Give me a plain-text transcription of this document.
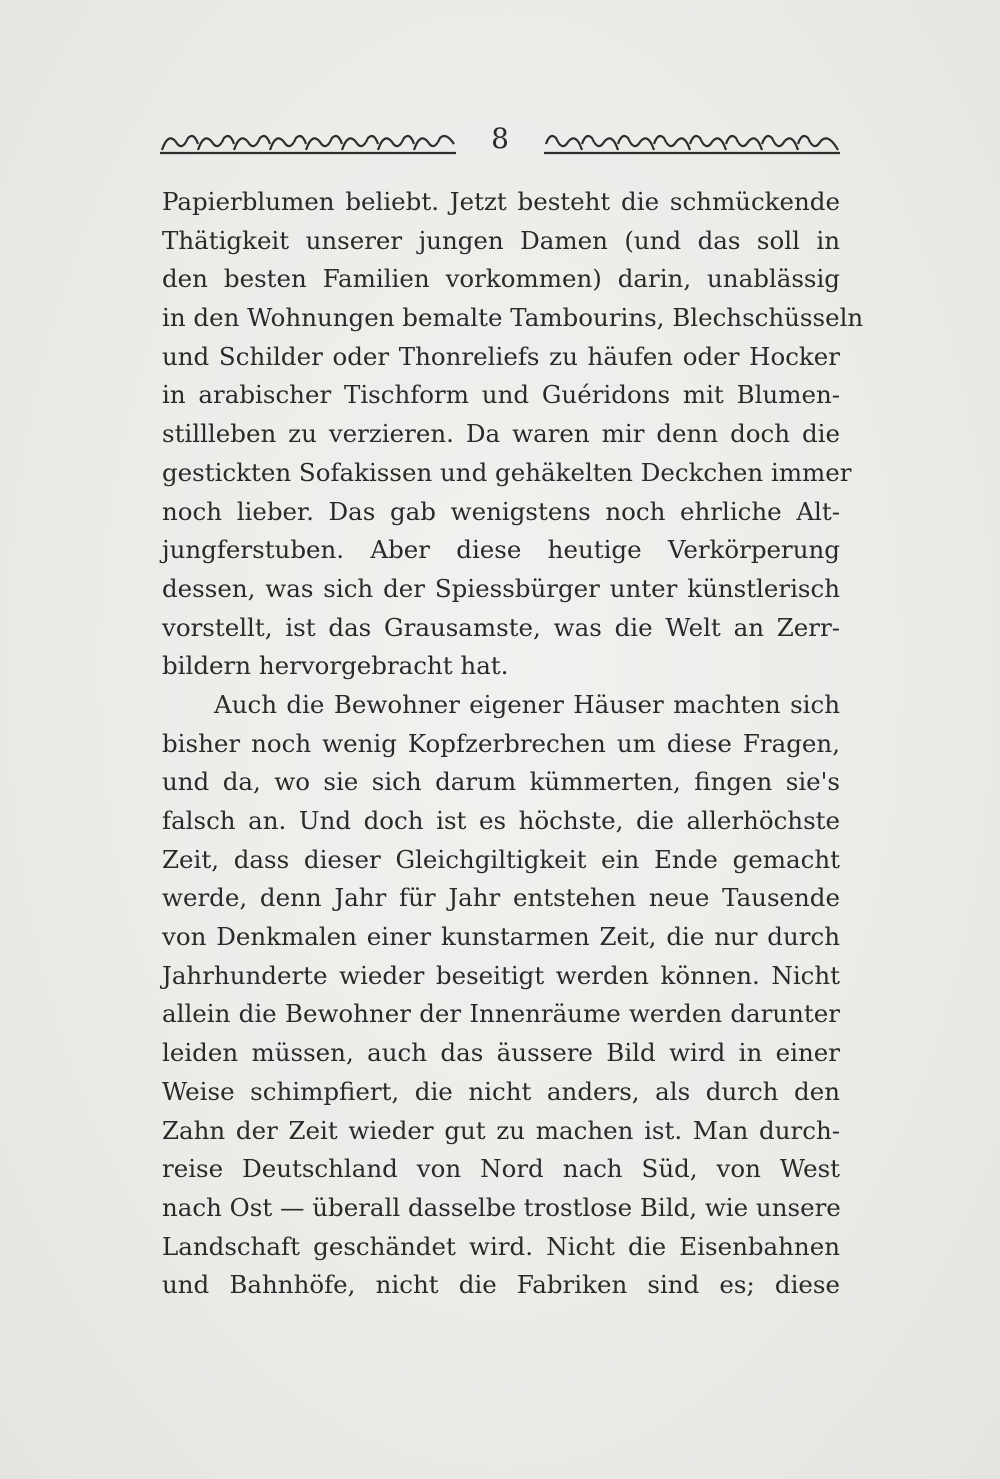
8
Papierblumen beliebt. Jetzt besteht die schmückende
Thätigkeit unserer jungen Damen (und das soll in
den besten Familien vorkommen) darin, unablässig
in den Wohnungen bemalte Tambourins, Blechschüsseln
und Schilder oder Thonreliefs zu häufen oder Hocker
in arabischer Tischform und Guéridons mit Blumen-
stillleben zu verzieren. Da waren mir denn doch die
gestickten Sofakissen und gehäkelten Deckchen immer
noch lieber. Das gab wenigstens noch ehrliche Alt-
jungferstuben. Aber diese heutige Verkörperung
dessen, was sich der Spiessbürger unter künstlerisch
vorstellt, ist das Grausamste, was die Welt an Zerr-
bildern hervorgebracht hat.
Auch die Bewohner eigener Häuser machten sich
bisher noch wenig Kopfzerbrechen um diese Fragen,
und da, wo sie sich darum kümmerten, fingen sie's
falsch an. Und doch ist es höchste, die allerhöchste
Zeit, dass dieser Gleichgiltigkeit ein Ende gemacht
werde, denn Jahr für Jahr entstehen neue Tausende
von Denkmalen einer kunstarmen Zeit, die nur durch
Jahrhunderte wieder beseitigt werden können. Nicht
allein die Bewohner der Innenräume werden darunter
leiden müssen, auch das äussere Bild wird in einer
Weise schimpfiert, die nicht anders, als durch den
Zahn der Zeit wieder gut zu machen ist. Man durch-
reise Deutschland von Nord nach Süd, von West
nach Ost — überall dasselbe trostlose Bild, wie unsere
Landschaft geschändet wird. Nicht die Eisenbahnen
und Bahnhöfe, nicht die Fabriken sind es; diese
